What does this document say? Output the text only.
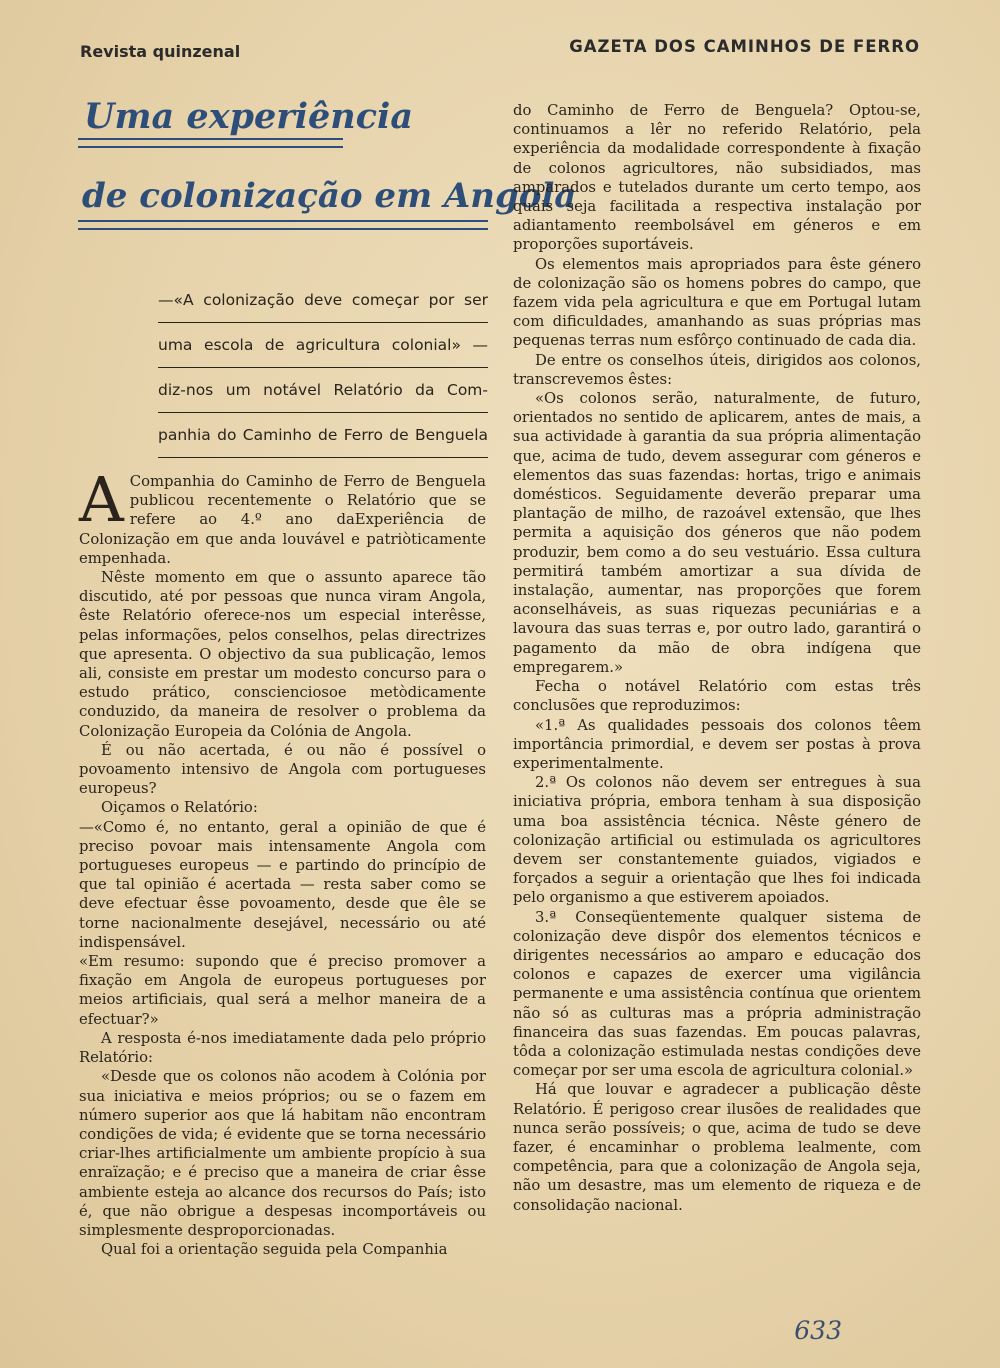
Revista quinzenal	GAZETA DOS CAMINHOS DE FERRO
Uma experiência
de colonização em Angola
—«A colonização deve começar por ser
uma escola de agricultura colonial» —
diz-nos um notável Relatório da Com-
panhia do Caminho de Ferro de Benguela

A Companhia do Caminho de Ferro de Benguela publicou recentemente o Relatório que se refere ao 4.º ano daExperiência de Colonização em que anda louvável e patriòticamente empenhada.

Nêste momento em que o assunto aparece tão discutido, até por pessoas que nunca viram Angola, êste Relatório oferece-nos um especial interêsse, pelas informações, pelos conselhos, pelas directrizes que apresenta. O objectivo da sua publicação, lemos ali, consiste em prestar um modesto concurso para o estudo prático, conscienciosoe metòdicamente conduzido, da maneira de resolver o problema da Colonização Europeia da Colónia de Angola.

É ou não acertada, é ou não é possível o povoamento intensivo de Angola com portugueses europeus?

Oiçamos o Relatório:

—«Como é, no entanto, geral a opinião de que é preciso povoar mais intensamente Angola com portugueses europeus — e partindo do princípio de que tal opinião é acertada — resta saber como se deve efectuar êsse povoamento, desde que êle se torne nacionalmente desejável, necessário ou até indispensável.

«Em resumo: supondo que é preciso promover a fixação em Angola de europeus portugueses por meios artificiais, qual será a melhor maneira de a efectuar?»

A resposta é-nos imediatamente dada pelo próprio Relatório:

«Desde que os colonos não acodem à Colónia por sua iniciativa e meios próprios; ou se o fazem em número superior aos que lá habitam não encontram condições de vida; é evidente que se torna necessário criar-lhes artificialmente um ambiente propício à sua enraïzação; e é preciso que a maneira de criar êsse ambiente esteja ao alcance dos recursos do País; isto é, que não obrigue a despesas incomportáveis ou simplesmente desproporcionadas.

Qual foi a orientação seguida pela Companhia

do Caminho de Ferro de Benguela? Optou-se, continuamos a lêr no referido Relatório, pela experiência da modalidade correspondente à fixação de colonos agricultores, não subsidiados, mas amparados e tutelados durante um certo tempo, aos quais seja facilitada a respectiva instalação por adiantamento reembolsável em géneros e em proporções suportáveis.

Os elementos mais apropriados para êste género de colonização são os homens pobres do campo, que fazem vida pela agricultura e que em Portugal lutam com dificuldades, amanhando as suas próprias mas pequenas terras num esfôrço continuado de cada dia.

De entre os conselhos úteis, dirigidos aos colonos, transcrevemos êstes:

«Os colonos serão, naturalmente, de futuro, orientados no sentido de aplicarem, antes de mais, a sua actividade à garantia da sua própria alimentação que, acima de tudo, devem assegurar com géneros e elementos das suas fazendas: hortas, trigo e animais domésticos. Seguidamente deverão preparar uma plantação de milho, de razoável extensão, que lhes permita a aquisição dos géneros que não podem produzir, bem como a do seu vestuário. Essa cultura permitirá também amortizar a sua dívida de instalação, aumentar, nas proporções que forem aconselháveis, as suas riquezas pecuniárias e a lavoura das suas terras e, por outro lado, garantirá o pagamento da mão de obra indígena que empregarem.»

Fecha o notável Relatório com estas três conclusões que reproduzimos:

«1.ª As qualidades pessoais dos colonos têem importância primordial, e devem ser postas à prova experimentalmente.

2.ª Os colonos não devem ser entregues à sua iniciativa própria, embora tenham à sua disposição uma boa assistência técnica. Nêste género de colonização artificial ou estimulada os agricultores devem ser constantemente guiados, vigiados e forçados a seguir a orientação que lhes foi indicada pelo organismo a que estiverem apoiados.

3.ª Conseqüentemente qualquer sistema de colonização deve dispôr dos elementos técnicos e dirigentes necessários ao amparo e educação dos colonos e capazes de exercer uma vigilância permanente e uma assistência contínua que orientem não só as culturas mas a própria administração financeira das suas fazendas. Em poucas palavras, tôda a colonização estimulada nestas condições deve começar por ser uma escola de agricultura colonial.»

Há que louvar e agradecer a publicação dêste Relatório. É perigoso crear ilusões de realidades que nunca serão possíveis; o que, acima de tudo se deve fazer, é encaminhar o problema lealmente, com competência, para que a colonização de Angola seja, não um desastre, mas um elemento de riqueza e de consolidação nacional.

633
